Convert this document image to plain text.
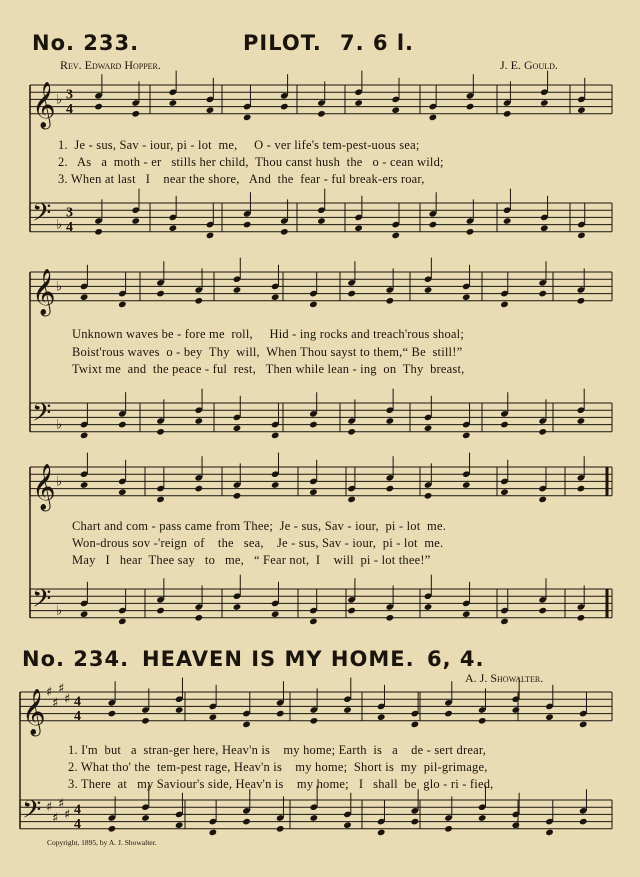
No. 233.	PILOT. 7. 6 l.
Rev. Edward Hopper.	J. E. Gould.
1.  Je - sus, Sav - iour, pi - lot  me,     O - ver life's tem-pest-uous sea;
2.   As   a  moth - er   stills her child,  Thou canst hush  the   o - cean wild;
3. When at last   I    near the shore,   And  the  fear - ful break-ers roar,
Unknown waves be - fore me  roll,     Hid - ing rocks and treach'rous shoal;
Boist'rous waves  o - bey  Thy  will,  When Thou sayst to them,“ Be  still!”
Twixt me  and  the peace - ful  rest,   Then while lean - ing  on  Thy  breast,
Chart and com - pass came from Thee;  Je - sus, Sav - iour,  pi - lot  me.
Won-drous sov -'reign  of    the   sea,    Je - sus, Sav - iour,  pi - lot  me.
May   I   hear  Thee say   to   me,   “ Fear not,  I    will  pi - lot thee!”
No. 234. HEAVEN IS MY HOME. 6, 4.
A. J. Showalter.
1. I'm  but   a  stran-ger here, Heav'n is    my home; Earth  is   a    de - sert drear,
2. What tho' the  tem-pest rage, Heav'n is    my home;  Short is  my  pil-grimage,
3. There  at   my Saviour's side, Heav'n is    my home;   I   shall  be  glo - ri - fied,
Copyright, 1895, by A. J. Showalter.
𝄞 ♭ 3
4
𝄢 ♭
3
4
𝄞 ♭
𝄢 ♭
𝄞 ♭
𝄢 ♭
𝄞 ♯
♯
♯
♯ 4
4
𝄢 ♯
♯
♯
♯ 4
4
